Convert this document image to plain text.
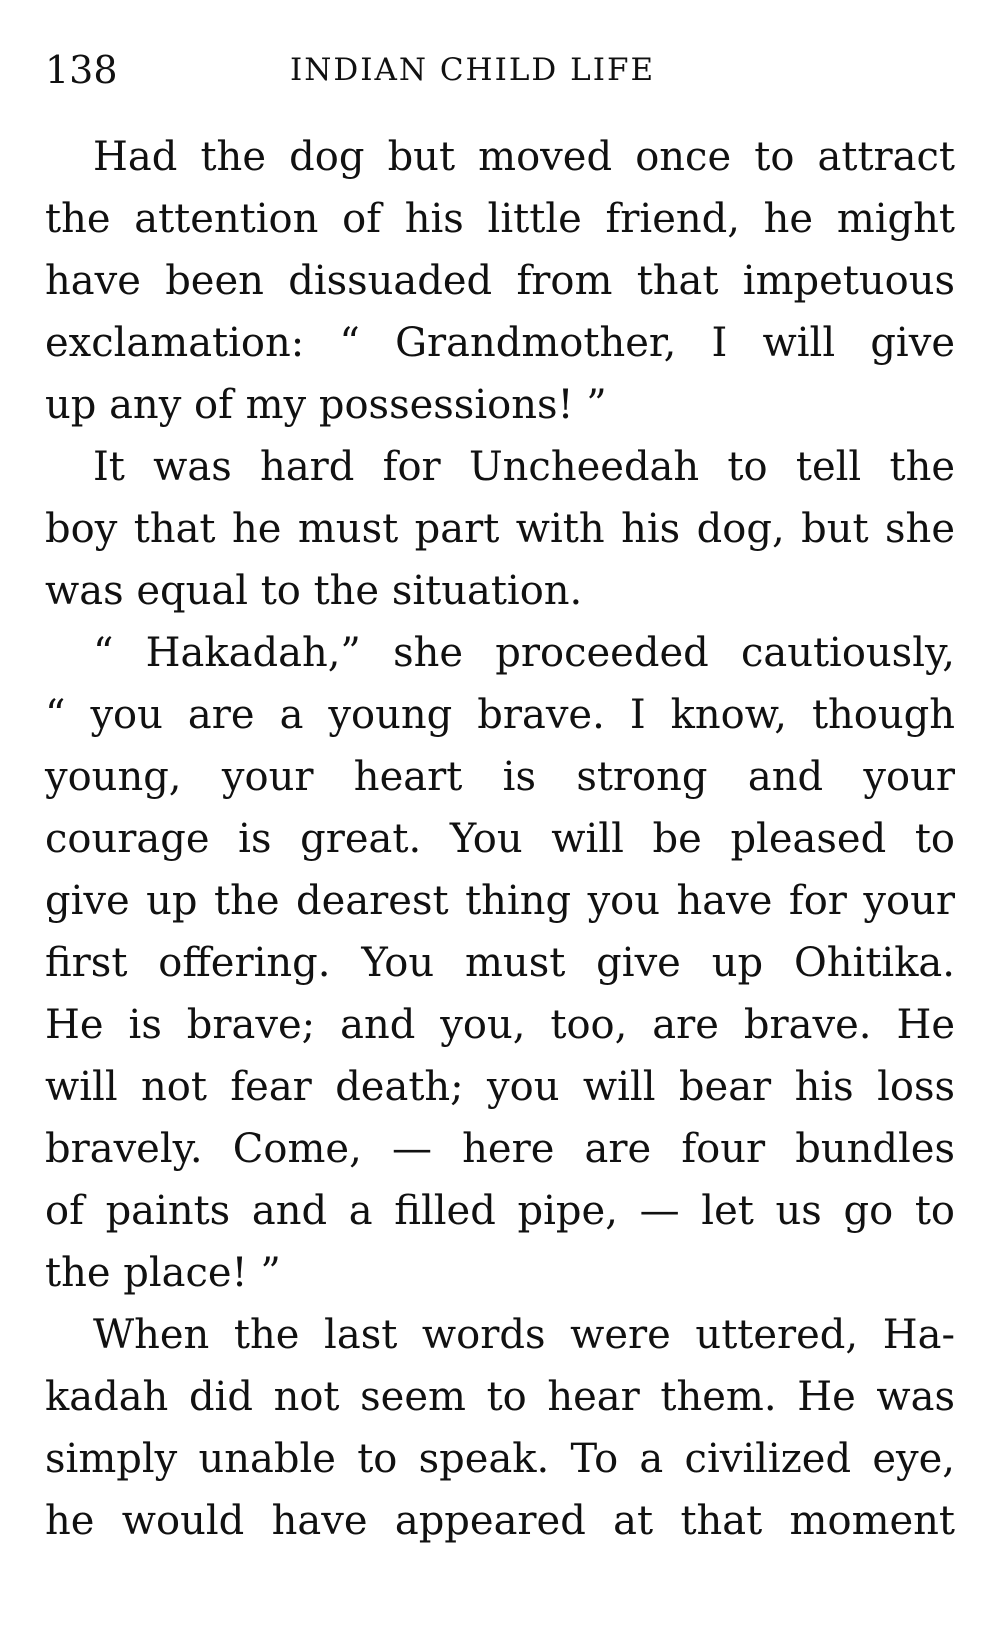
138	INDIAN CHILD LIFE
Had the dog but moved once to attract
the attention of his little friend, he might
have been dissuaded from that impetuous
exclamation: “ Grandmother, I will give
up any of my possessions! ”
It was hard for Uncheedah to tell the
boy that he must part with his dog, but she
was equal to the situation.
“ Hakadah,” she proceeded cautiously,
“ you are a young brave. I know, though
young, your heart is strong and your
courage is great. You will be pleased to
give up the dearest thing you have for your
first offering. You must give up Ohitika.
He is brave; and you, too, are brave. He
will not fear death; you will bear his loss
bravely. Come, — here are four bundles
of paints and a filled pipe, — let us go to
the place! ”
When the last words were uttered, Ha-
kadah did not seem to hear them. He was
simply unable to speak. To a civilized eye,
he would have appeared at that moment
